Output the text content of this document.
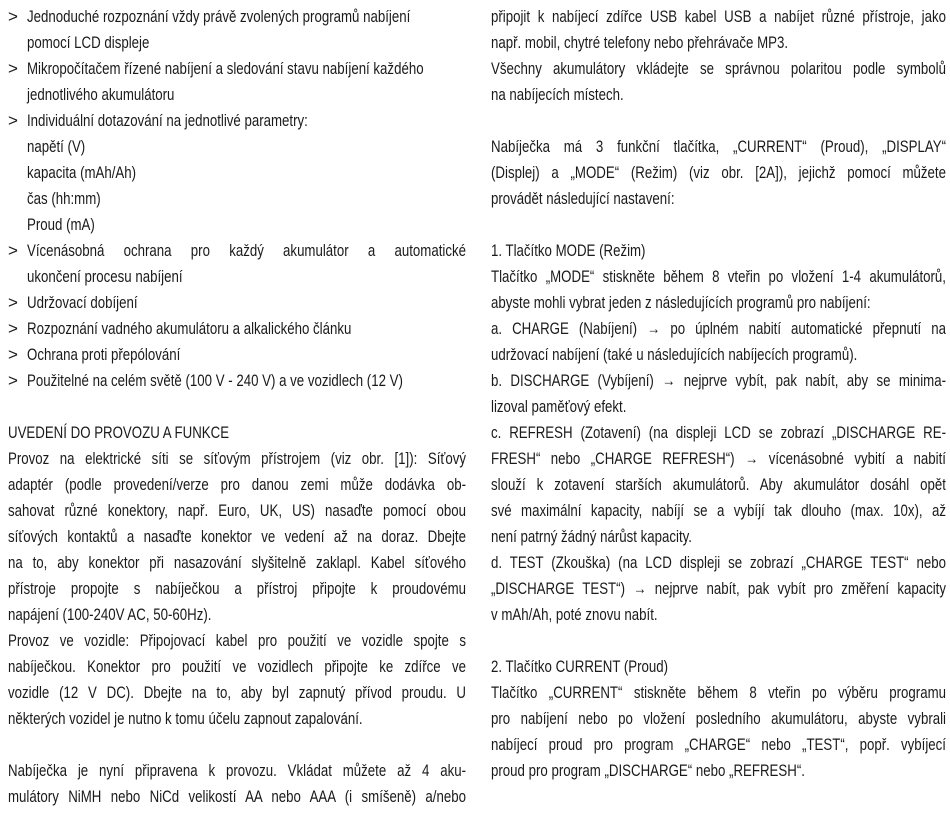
> Jednoduché rozpoznání vždy právě zvolených programů nabíjení
pomocí LCD displeje
> Mikropočítačem řízené nabíjení a sledování stavu nabíjení každého
jednotlivého akumulátoru
> Individuální dotazování na jednotlivé parametry:
napětí (V)
kapacita (mAh/Ah)
čas (hh:mm)
Proud (mA)
> Vícenásobná ochrana pro každý akumulátor a automatické
ukončení procesu nabíjení
> Udržovací dobíjení
> Rozpoznání vadného akumulátoru a alkalického článku
> Ochrana proti přepólování
> Použitelné na celém světě (100 V - 240 V) a ve vozidlech (12 V)
UVEDENÍ DO PROVOZU A FUNKCE
Provoz na elektrické síti se síťovým přístrojem (viz obr. [1]): Síťový
adaptér (podle provedení/verze pro danou zemi může dodávka ob-
sahovat různé konektory, např. Euro, UK, US) nasaďte pomocí obou
síťových kontaktů a nasaďte konektor ve vedení až na doraz. Dbejte
na to, aby konektor při nasazování slyšitelně zaklapl. Kabel síťového
přístroje propojte s nabíječkou a přístroj připojte k proudovému
napájení (100-240V AC, 50-60Hz).
Provoz ve vozidle: Připojovací kabel pro použití ve vozidle spojte s
nabíječkou. Konektor pro použití ve vozidlech připojte ke zdířce ve
vozidle (12 V DC). Dbejte na to, aby byl zapnutý přívod proudu. U
některých vozidel je nutno k tomu účelu zapnout zapalování.
Nabíječka je nyní připravena k provozu. Vkládat můžete až 4 aku-
mulátory NiMH nebo NiCd velikostí AA nebo AAA (i smíšeně) a/nebo
připojit k nabíjecí zdířce USB kabel USB a nabíjet různé přístroje, jako
např. mobil, chytré telefony nebo přehrávače MP3.
Všechny akumulátory vkládejte se správnou polaritou podle symbolů
na nabíjecích místech.
Nabíječka má 3 funkční tlačítka, „CURRENT“ (Proud), „DISPLAY“
(Displej) a „MODE“ (Režim) (viz obr. [2A]), jejichž pomocí můžete
provádět následující nastavení:
1. Tlačítko MODE (Režim)
Tlačítko „MODE“ stiskněte během 8 vteřin po vložení 1-4 akumulátorů,
abyste mohli vybrat jeden z následujících programů pro nabíjení:
a. CHARGE (Nabíjení) → po úplném nabití automatické přepnutí na
udržovací nabíjení (také u následujících nabíjecích programů).
b. DISCHARGE (Vybíjení) → nejprve vybít, pak nabít, aby se minima-
lizoval paměťový efekt.
c. REFRESH (Zotavení) (na displeji LCD se zobrazí „DISCHARGE RE-
FRESH“ nebo „CHARGE REFRESH“) → vícenásobné vybití a nabití
slouží k zotavení starších akumulátorů. Aby akumulátor dosáhl opět
své maximální kapacity, nabíjí se a vybíjí tak dlouho (max. 10x), až
není patrný žádný nárůst kapacity.
d. TEST (Zkouška) (na LCD displeji se zobrazí „CHARGE TEST“ nebo
„DISCHARGE TEST“) → nejprve nabít, pak vybít pro změření kapacity
v mAh/Ah, poté znovu nabít.
2. Tlačítko CURRENT (Proud)
Tlačítko „CURRENT“ stiskněte během 8 vteřin po výběru programu
pro nabíjení nebo po vložení posledního akumulátoru, abyste vybrali
nabíjecí proud pro program „CHARGE“ nebo „TEST“, popř. vybíjecí
proud pro program „DISCHARGE“ nebo „REFRESH“.
